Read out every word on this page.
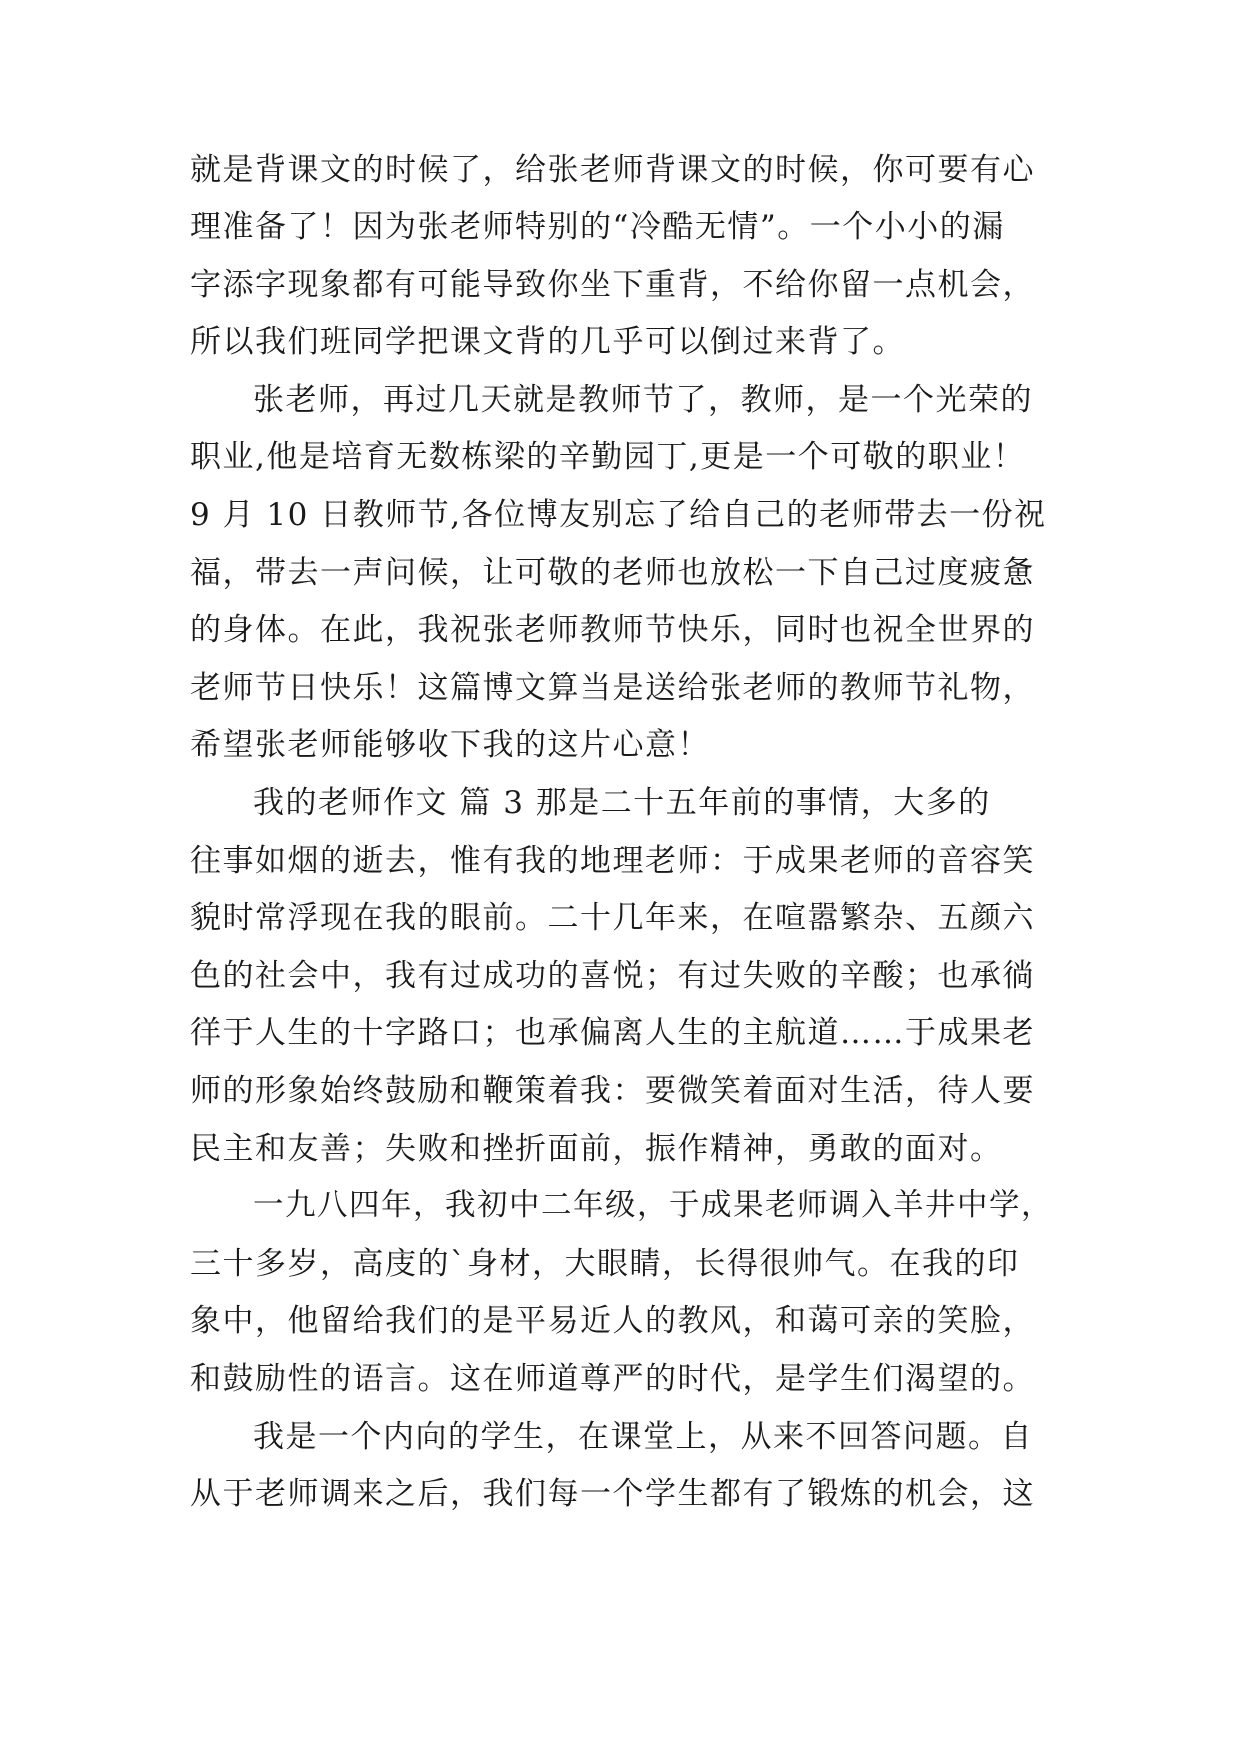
就是背课文的时候了，给张老师背课文的时候，你可要有心
理准备了！因为张老师特别的“冷酷无情”。一个小小的漏
字添字现象都有可能导致你坐下重背，不给你留一点机会，
所以我们班同学把课文背的几乎可以倒过来背了。
张老师，再过几天就是教师节了，教师，是一个光荣的
职业,他是培育无数栋梁的辛勤园丁,更是一个可敬的职业！
9 月 10 日教师节,各位博友别忘了给自己的老师带去一份祝
福，带去一声问候，让可敬的老师也放松一下自己过度疲惫
的身体。在此，我祝张老师教师节快乐，同时也祝全世界的
老师节日快乐！这篇博文算当是送给张老师的教师节礼物，
希望张老师能够收下我的这片心意！
我的老师作文 篇 3 那是二十五年前的事情，大多的
往事如烟的逝去，惟有我的地理老师：于成果老师的音容笑
貌时常浮现在我的眼前。二十几年来，在喧嚣繁杂、五颜六
色的社会中，我有过成功的喜悦；有过失败的辛酸；也承徜
徉于人生的十字路口；也承偏离人生的主航道……于成果老
师的形象始终鼓励和鞭策着我：要微笑着面对生活，待人要
民主和友善；失败和挫折面前，振作精神，勇敢的面对。
一九八四年，我初中二年级，于成果老师调入羊井中学，
三十多岁，高庋的`身材，大眼睛，长得很帅气。在我的印
象中，他留给我们的是平易近人的教风，和蔼可亲的笑脸，
和鼓励性的语言。这在师道尊严的时代，是学生们渴望的。
我是一个内向的学生，在课堂上，从来不回答问题。自
从于老师调来之后，我们每一个学生都有了锻炼的机会，这
